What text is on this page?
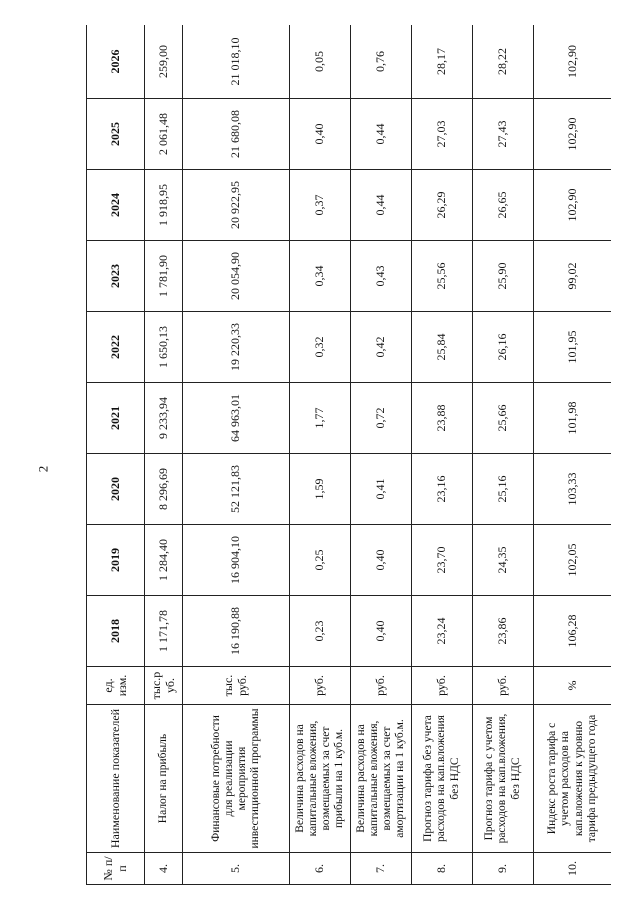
2
№ п/п	Наименование показателей	ед. изм.	2018	2019	2020	2021	2022	2023	2024	2025	2026
4.	Налог на прибыль	тыс.р уб.	1 171,78	1 284,40	8 296,69	9 233,94	1 650,13	1 781,90	1 918,95	2 061,48	259,00
5.	Финансовые потребности для реализации мероприятия инвестиционной программы	тыс. руб.	16 190,88	16 904,10	52 121,83	64 963,01	19 220,33	20 054,90	20 922,95	21 680,08	21 018,10
6.	Величина расходов на капитальные вложения, возмещаемых за счет прибыли на 1 куб.м.	руб.	0,23	0,25	1,59	1,77	0,32	0,34	0,37	0,40	0,05
7.	Величина расходов на капитальные вложения, возмещаемых за счет амортизации на 1 куб.м.	руб.	0,40	0,40	0,41	0,72	0,42	0,43	0,44	0,44	0,76
8.	Прогноз тарифа без учета расходов на кап.вложения без НДС	руб.	23,24	23,70	23,16	23,88	25,84	25,56	26,29	27,03	28,17
9.	Прогноз тарифа с учетом расходов на кап.вложения, без НДС	руб.	23,86	24,35	25,16	25,66	26,16	25,90	26,65	27,43	28,22
10.	Индекс роста тарифа с учетом расходов на кап.вложения к уровню тарифа предыдущего года	%	106,28	102,05	103,33	101,98	101,95	99,02	102,90	102,90	102,90
